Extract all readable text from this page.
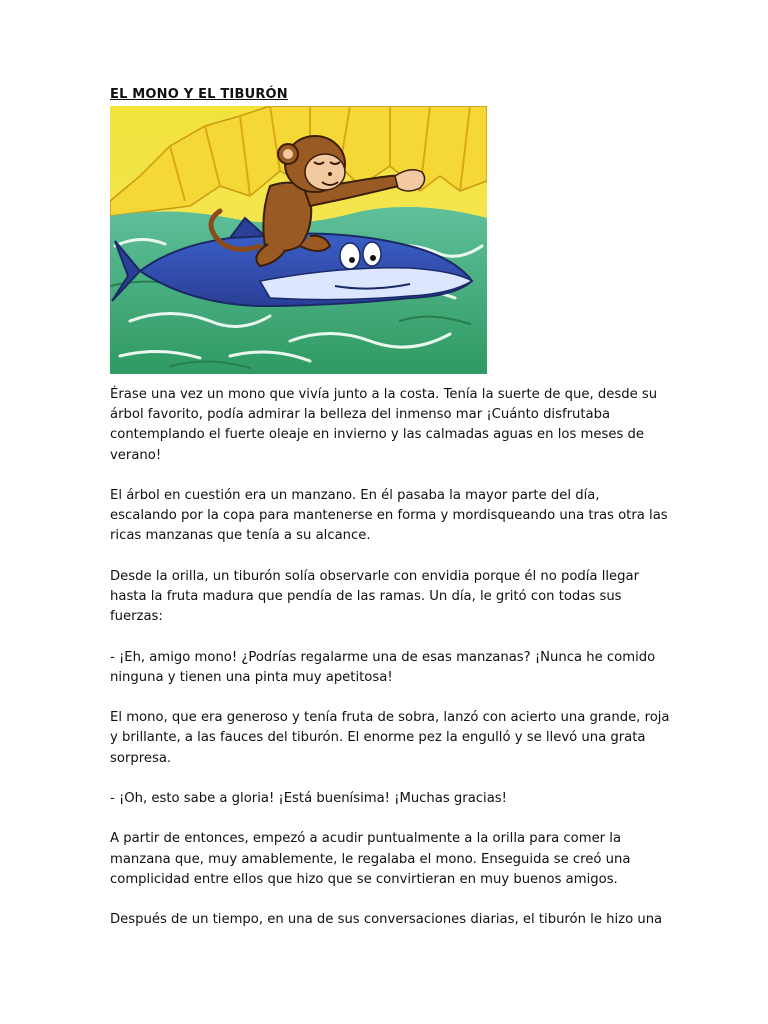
EL MONO Y EL TIBURÓN

Érase una vez un mono que vivía junto a la costa. Tenía la suerte de que, desde su árbol favorito, podía admirar la belleza del inmenso mar ¡Cuánto disfrutaba contemplando el fuerte oleaje en invierno y las calmadas aguas en los meses de verano!

El árbol en cuestión era un manzano. En él pasaba la mayor parte del día, escalando por la copa para mantenerse en forma y mordisqueando una tras otra las ricas manzanas que tenía a su alcance.

Desde la orilla, un tiburón solía observarle con envidia porque él no podía llegar hasta la fruta madura que pendía de las ramas. Un día, le gritó con todas sus fuerzas:

- ¡Eh, amigo mono! ¿Podrías regalarme una de esas manzanas? ¡Nunca he comido ninguna y tienen una pinta muy apetitosa!

El mono, que era generoso y tenía fruta de sobra, lanzó con acierto una grande, roja y brillante, a las fauces del tiburón. El enorme pez la engulló y se llevó una grata sorpresa.

- ¡Oh, esto sabe a gloria! ¡Está buenísima! ¡Muchas gracias!

A partir de entonces, empezó a acudir puntualmente a la orilla para comer la manzana que, muy amablemente, le regalaba el mono. Enseguida se creó una complicidad entre ellos que hizo que se convirtieran en muy buenos amigos.

Después de un tiempo, en una de sus conversaciones diarias, el tiburón le hizo una
